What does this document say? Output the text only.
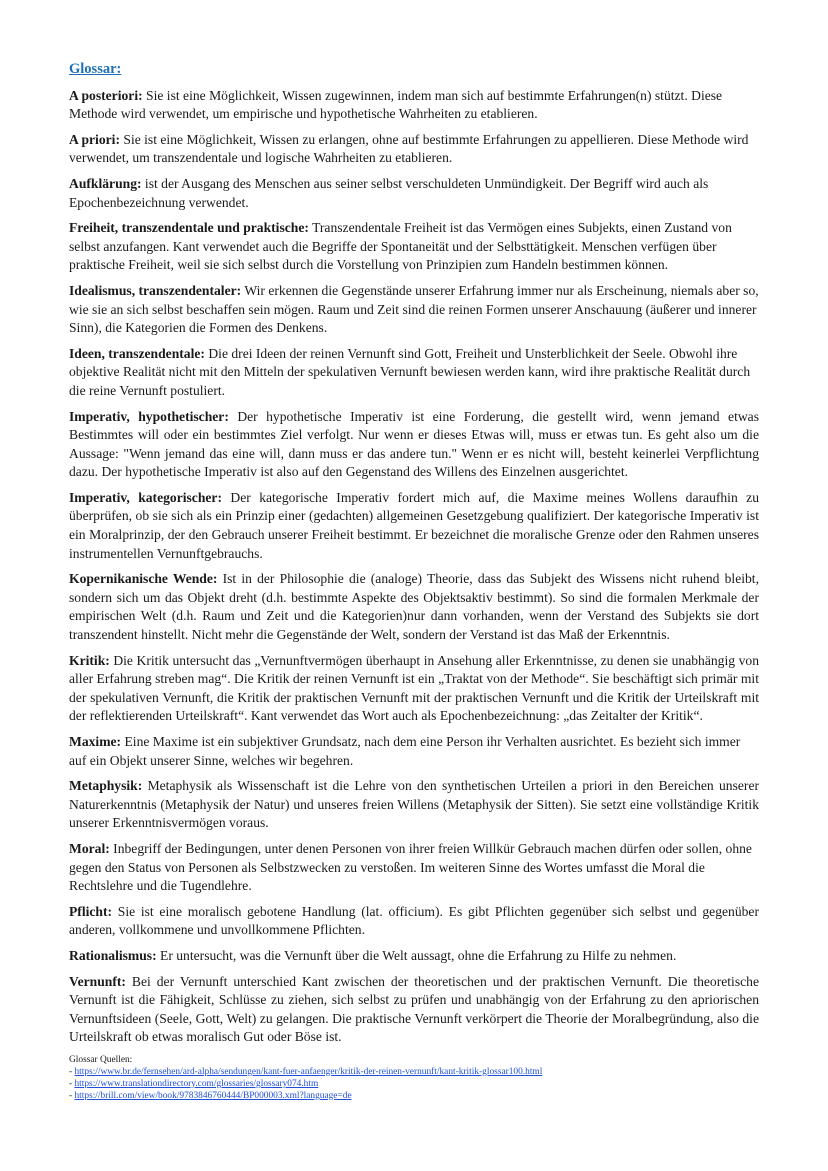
Glossar:

A posteriori: Sie ist eine Möglichkeit, Wissen zugewinnen, indem man sich auf bestimmte Erfahrungen(n) stützt. Diese Methode wird verwendet, um empirische und hypothetische Wahrheiten zu etablieren.

A priori: Sie ist eine Möglichkeit, Wissen zu erlangen, ohne auf bestimmte Erfahrungen zu appellieren. Diese Methode wird verwendet, um transzendentale und logische Wahrheiten zu etablieren.

Aufklärung: ist der Ausgang des Menschen aus seiner selbst verschuldeten Unmündigkeit. Der Begriff wird auch als Epochenbezeichnung verwendet.

Freiheit, transzendentale und praktische: Transzendentale Freiheit ist das Vermögen eines Subjekts, einen Zustand von selbst anzufangen. Kant verwendet auch die Begriffe der Spontaneität und der Selbsttätigkeit. Menschen verfügen über praktische Freiheit, weil sie sich selbst durch die Vorstellung von Prinzipien zum Handeln bestimmen können.

Idealismus, transzendentaler: Wir erkennen die Gegenstände unserer Erfahrung immer nur als Erscheinung, niemals aber so, wie sie an sich selbst beschaffen sein mögen. Raum und Zeit sind die reinen Formen unserer Anschauung (äußerer und innerer Sinn), die Kategorien die Formen des Denkens.

Ideen, transzendentale: Die drei Ideen der reinen Vernunft sind Gott, Freiheit und Unsterblichkeit der Seele. Obwohl ihre objektive Realität nicht mit den Mitteln der spekulativen Vernunft bewiesen werden kann, wird ihre praktische Realität durch die reine Vernunft postuliert.

Imperativ, hypothetischer: Der hypothetische Imperativ ist eine Forderung, die gestellt wird, wenn jemand etwas Bestimmtes will oder ein bestimmtes Ziel verfolgt. Nur wenn er dieses Etwas will, muss er etwas tun. Es geht also um die Aussage: "Wenn jemand das eine will, dann muss er das andere tun." Wenn er es nicht will, besteht keinerlei Verpflichtung dazu. Der hypothetische Imperativ ist also auf den Gegenstand des Willens des Einzelnen ausgerichtet.

Imperativ, kategorischer: Der kategorische Imperativ fordert mich auf, die Maxime meines Wollens daraufhin zu überprüfen, ob sie sich als ein Prinzip einer (gedachten) allgemeinen Gesetzgebung qualifiziert. Der kategorische Imperativ ist ein Moralprinzip, der den Gebrauch unserer Freiheit bestimmt. Er bezeichnet die moralische Grenze oder den Rahmen unseres instrumentellen Vernunftgebrauchs.

Kopernikanische Wende: Ist in der Philosophie die (analoge) Theorie, dass das Subjekt des Wissens nicht ruhend bleibt, sondern sich um das Objekt dreht (d.h. bestimmte Aspekte des Objektsaktiv bestimmt). So sind die formalen Merkmale der empirischen Welt (d.h. Raum und Zeit und die Kategorien)nur dann vorhanden, wenn der Verstand des Subjekts sie dort transzendent hinstellt. Nicht mehr die Gegenstände der Welt, sondern der Verstand ist das Maß der Erkenntnis.

Kritik: Die Kritik untersucht das „Vernunftvermögen überhaupt in Ansehung aller Erkenntnisse, zu denen sie unabhängig von aller Erfahrung streben mag“. Die Kritik der reinen Vernunft ist ein „Traktat von der Methode“. Sie beschäftigt sich primär mit der spekulativen Vernunft, die Kritik der praktischen Vernunft mit der praktischen Vernunft und die Kritik der Urteilskraft mit der reflektierenden Urteilskraft“. Kant verwendet das Wort auch als Epochenbezeichnung: „das Zeitalter der Kritik“.

Maxime: Eine Maxime ist ein subjektiver Grundsatz, nach dem eine Person ihr Verhalten ausrichtet. Es bezieht sich immer auf ein Objekt unserer Sinne, welches wir begehren.

Metaphysik: Metaphysik als Wissenschaft ist die Lehre von den synthetischen Urteilen a priori in den Bereichen unserer Naturerkenntnis (Metaphysik der Natur) und unseres freien Willens (Metaphysik der Sitten). Sie setzt eine vollständige Kritik unserer Erkenntnisvermögen voraus.

Moral: Inbegriff der Bedingungen, unter denen Personen von ihrer freien Willkür Gebrauch machen dürfen oder sollen, ohne gegen den Status von Personen als Selbstzwecken zu verstoßen. Im weiteren Sinne des Wortes umfasst die Moral die Rechtslehre und die Tugendlehre.

Pflicht: Sie ist eine moralisch gebotene Handlung (lat. officium). Es gibt Pflichten gegenüber sich selbst und gegenüber anderen, vollkommene und unvollkommene Pflichten.

Rationalismus: Er untersucht, was die Vernunft über die Welt aussagt, ohne die Erfahrung zu Hilfe zu nehmen.

Vernunft: Bei der Vernunft unterschied Kant zwischen der theoretischen und der praktischen Vernunft. Die theoretische Vernunft ist die Fähigkeit, Schlüsse zu ziehen, sich selbst zu prüfen und unabhängig von der Erfahrung zu den apriorischen Vernunftsideen (Seele, Gott, Welt) zu gelangen. Die praktische Vernunft verkörpert die Theorie der Moralbegründung, also die Urteilskraft ob etwas moralisch Gut oder Böse ist.

Glossar Quellen:
- https://www.br.de/fernsehen/ard-alpha/sendungen/kant-fuer-anfaenger/kritik-der-reinen-vernunft/kant-kritik-glossar100.html
- https://www.translationdirectory.com/glossaries/glossary074.htm
- https://brill.com/view/book/9783846760444/BP000003.xml?language=de
